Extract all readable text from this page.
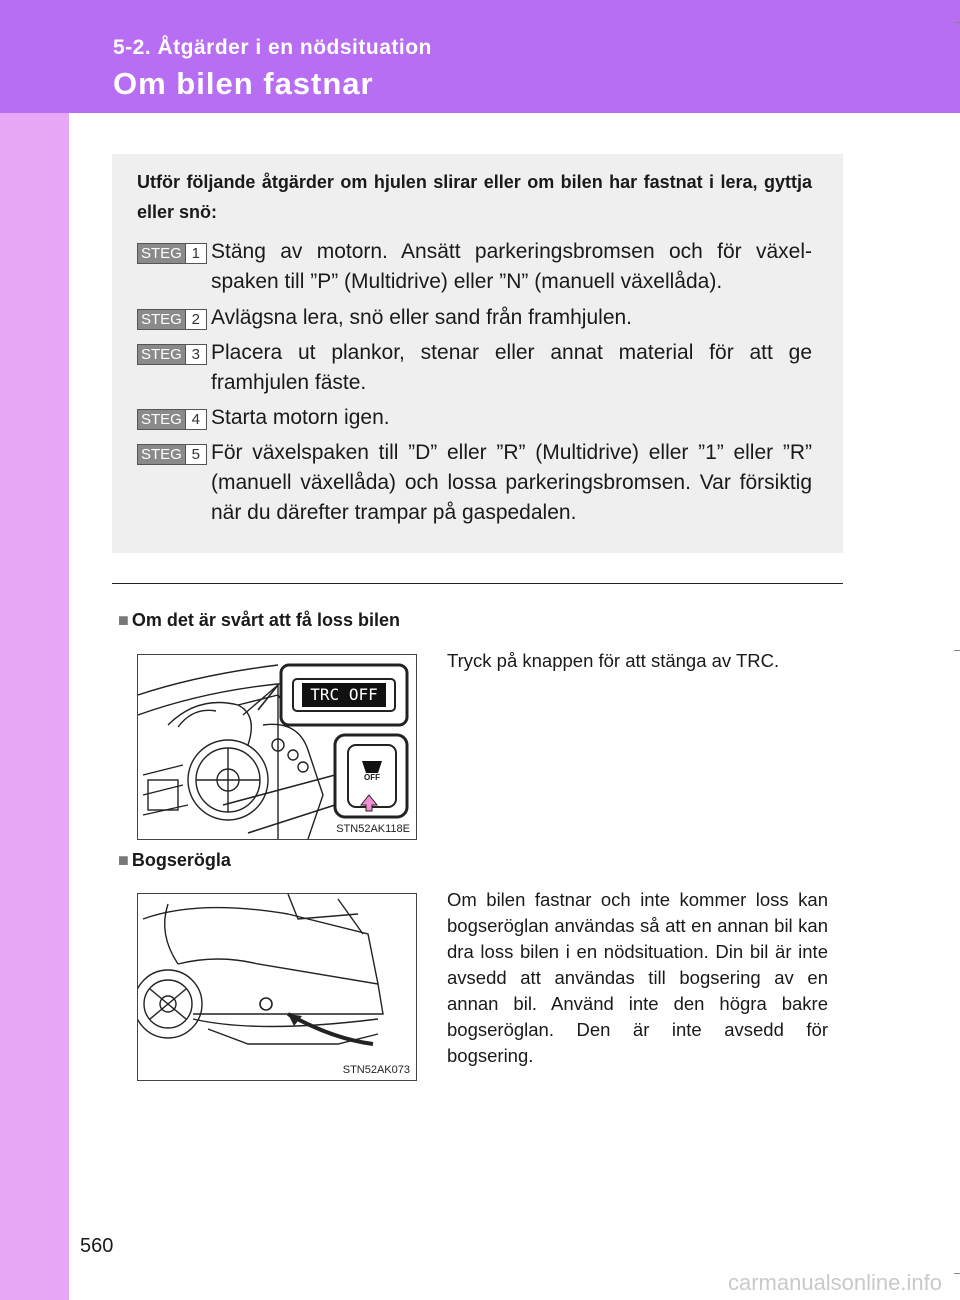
5-2. Åtgärder i en nödsituation
Om bilen fastnar
Utför följande åtgärder om hjulen slirar eller om bilen har fastnat i lera, gyttja eller snö:
STEG 1 Stäng av motorn. Ansätt parkeringsbromsen och för växel-spaken till ”P” (Multidrive) eller ”N” (manuell växellåda).
STEG 2 Avlägsna lera, snö eller sand från framhjulen.
STEG 3 Placera ut plankor, stenar eller annat material för att ge framhjulen fäste.
STEG 4 Starta motorn igen.
STEG 5 För växelspaken till ”D” eller ”R” (Multidrive) eller ”1” eller ”R” (manuell växellåda) och lossa parkeringsbromsen. Var försiktig när du därefter trampar på gaspedalen.
■ Om det är svårt att få loss bilen
TRC OFF
OFF
STN52AK118E
Tryck på knappen för att stänga av TRC.
■ Bogserögla
STN52AK073
Om bilen fastnar och inte kommer loss kan bogseröglan användas så att en annan bil kan dra loss bilen i en nödsituation. Din bil är inte avsedd att användas till bogsering av en annan bil. Använd inte den högra bakre bogseröglan. Den är inte avsedd för bogsering.
560
carmanualsonline.info
